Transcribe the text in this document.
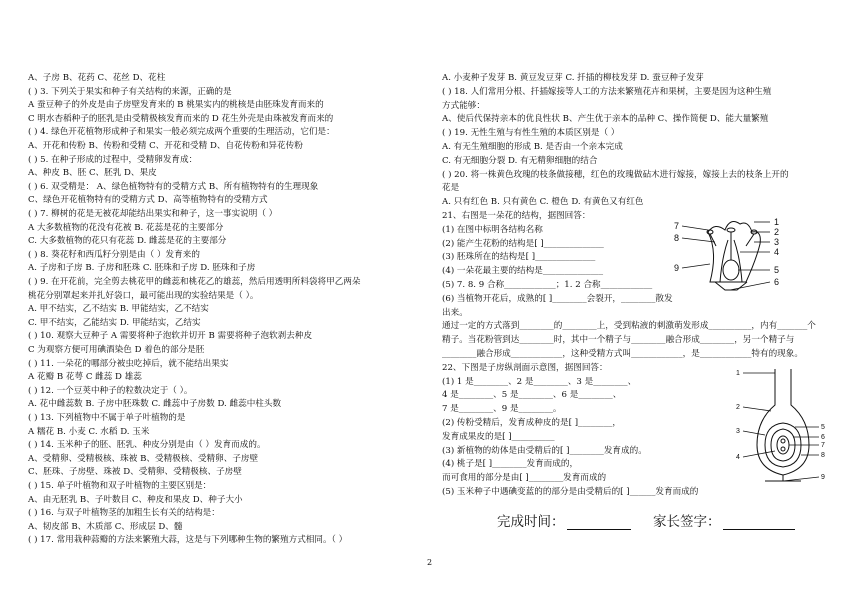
A、子房 B、花药 C、花丝 D、花柱
( ) 3. 下列关于果实和种子有关结构的来源，正确的是
A 蚕豆种子的外皮是由子房壁发育来的 B 桃果实内的桃核是由胚珠发育而来的
C 明水杏稻种子的胚乳是由受精极核发育而来的 D 花生外壳是由珠被发育而来的
( ) 4. 绿色开花植物形成种子和果实一般必须完成两个重要的生理活动，它们是：
A、开花和传粉 B、传粉和受精 C、开花和受精 D、自花传粉和异花传粉
( ) 5. 在种子形成的过程中，受精卵发育成：
A、种皮 B、胚 C、胚乳 D、果皮
( ) 6. 双受精是： A、绿色植物特有的受精方式 B、所有植物特有的生理现象
C、绿色开花植物特有的受精方式 D、高等植物特有的受精方式
( ) 7. 柳树的花是无被花却能结出果实和种子，这一事实说明（ ）
A 大多数植物的花没有花被 B. 花蕊是花的主要部分
C. 大多数植物的花只有花蕊 D. 雌蕊是花的主要部分
( ) 8. 葵花籽和西瓜籽分别是由（ ）发育来的
A. 子房和子房 B. 子房和胚珠 C. 胚珠和子房 D. 胚珠和子房
( ) 9. 在开花前，完全剪去桃花甲的雌蕊和桃花乙的雄蕊，然后用透明所料袋将甲乙两朵
桃花分别罩起来并扎好袋口，最可能出现的实验结果是（ ）。
A. 甲不结实，乙不结实 B. 甲能结实，乙不结实
C. 甲不结实，乙能结实 D. 甲能结实，乙结实
( ) 10. 观察大豆种子 A 需要将种子泡软并切开 B 需要将种子泡软剥去种皮
C 为观察方便可用碘酒染色 D 着色的部分是胚
( ) 11. 一朵花的哪部分被虫吃掉后，就不能结出果实
A 花瓣 B 花萼 C 雌蕊 D 雄蕊
( ) 12. 一个豆荚中种子的粒数决定于（ ）。
A. 花中雌蕊数 B. 子房中胚珠数 C. 雌蕊中子房数 D. 雌蕊中柱头数
( ) 13. 下列植物中不属于单子叶植物的是
A 糯花 B. 小麦 C. 水稻 D. 玉米
( ) 14. 玉米种子的胚、胚乳、种皮分别是由（ ）发育而成的。
A、受精卵、受精极核、珠被 B、受精极核、受精卵、子房壁
C、胚珠、子房壁、珠被 D、受精卵、受精极核、子房壁
( ) 15. 单子叶植物和双子叶植物的主要区别是：
A、由无胚乳 B、子叶数目 C、种皮和果皮 D、种子大小
( ) 16. 与双子叶植物茎的加粗生长有关的结构是：
A、韧皮部 B、木质部 C、形成层 D、髓
( ) 17. 常用栽种蒜瓣的方法来繁殖大蒜，这是与下列哪种生物的繁殖方式相同。（ ）
A. 小麦种子发芽 B. 黄豆发豆芽 C. 扦插的柳枝发芽 D. 蚕豆种子发芽
( ) 18. 人们常用分根、扦插嫁接等人工的方法来繁殖花卉和果树，主要是因为这种生殖
方式能够：
A、使后代保持亲本的优良性状 B、产生优于亲本的品种 C、操作简便 D、能大量繁殖
( ) 19. 无性生殖与有性生殖的本质区别是（ ）
A. 有无生殖细胞的形成 B. 是否由一个亲本完成
C. 有无细胞分裂 D. 有无精卵细胞的结合
( ) 20. 将一株黄色玫瑰的枝条做接穗，红色的玫瑰做砧木进行嫁接，嫁接上去的枝条上开的
花是
A. 只有红色 B. 只有黄色 C. 橙色 D. 有黄色又有红色
21、右图是一朵花的结构，据图回答：
(1) 在图中标明各结构名称
(2) 能产生花粉的结构是[ ]______________
(3) 胚珠所在的结构是[ ]______________
(4) 一朵花最主要的结构是______________
(5) 7. 8. 9 合称____________；1. 2 合称____________
(6) 当植物开花后，成熟的[ ]________会裂开，________散发
出来。
通过一定的方式落到________的________上，受到粘液的刺激萌发形成__________，内有_______个
精子。当花粉管到达________时，其中一个精子与________融合形成________，另一个精子与
________融合形成____________，这种受精方式叫____________，是____________特有的现象。
22、下图是子房纵剖面示意图，据图回答：
(1) 1 是________、2 是________、3 是________、
4 是________、5 是________、6 是________、
7 是________、9 是________。
(2) 传粉受精后，发育成种皮的是[ ]________，
发育成果皮的是[ ]__________
(3) 新植物的幼体是由受精后的[ ]________发育成的。
(4) 桃子是[ ]________发育而成的，
而可食用的部分是由[ ]________发育而成的
(5) 玉米种子中遇碘变蓝的的部分是由受精后的[ ]______发育而成的
7
8
9
1
2
3
4
5
6
1
2
3
4
5
6
7
8
9
完成时间：	家长签字：
2
